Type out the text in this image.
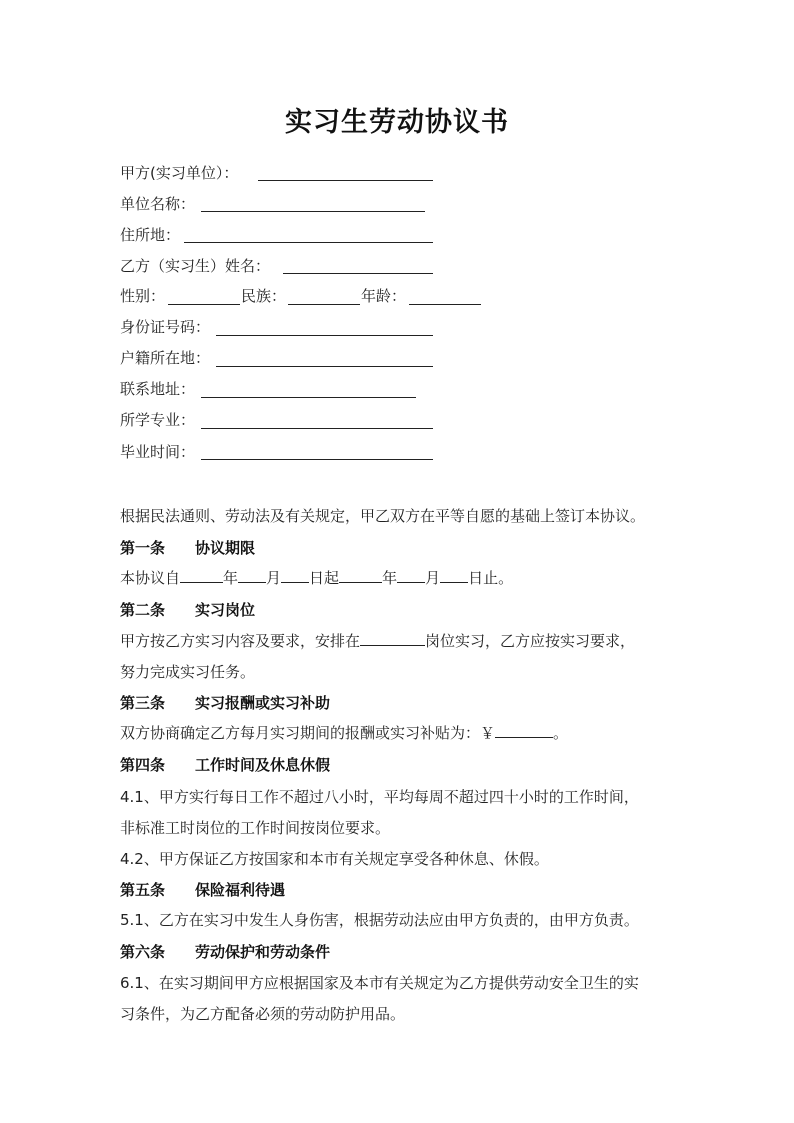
实习生劳动协议书
甲方(实习单位）：
单位名称：
住所地：
乙方（实习生）姓名：
性别：	民族：	年龄：
身份证号码：
户籍所在地：
联系地址：
所学专业：
毕业时间：
根据民法通则、劳动法及有关规定，甲乙双方在平等自愿的基础上签订本协议。
第一条 协议期限
本协议自	年 月 日起	年 月 日止。
第二条 实习岗位
甲方按乙方实习内容及要求，安排在	岗位实习，乙方应按实习要求，
努力完成实习任务。
第三条 实习报酬或实习补助
双方协商确定乙方每月实习期间的报酬或实习补贴为：￥	。
第四条 工作时间及休息休假
4.1、甲方实行每日工作不超过八小时，平均每周不超过四十小时的工作时间，
非标准工时岗位的工作时间按岗位要求。
4.2、甲方保证乙方按国家和本市有关规定享受各种休息、休假。
第五条 保险福利待遇
5.1、乙方在实习中发生人身伤害，根据劳动法应由甲方负责的，由甲方负责。
第六条 劳动保护和劳动条件
6.1、在实习期间甲方应根据国家及本市有关规定为乙方提供劳动安全卫生的实
习条件，为乙方配备必须的劳动防护用品。
